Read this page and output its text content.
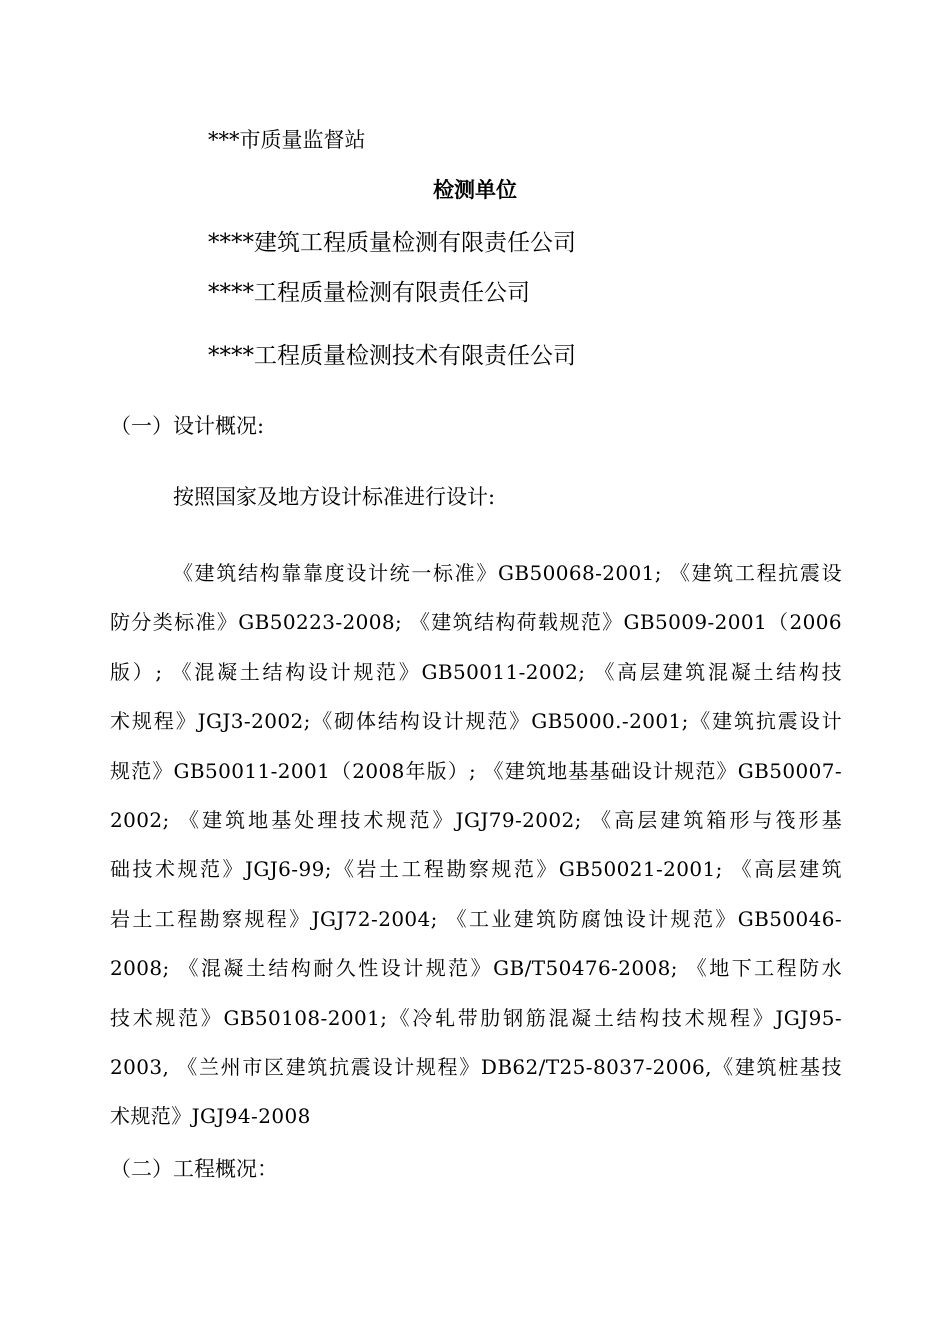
***市质量监督站

检测单位

****建筑工程质量检测有限责任公司

****工程质量检测有限责任公司

****工程质量检测技术有限责任公司

（一）设计概况:

按照国家及地方设计标准进行设计:

《建筑结构靠靠度设计统一标准》GB50068-2001; 《建筑工程抗震设
防分类标准》GB50223-2008; 《建筑结构荷载规范》GB5009-2001（2006
版）; 《混凝土结构设计规范》GB50011-2002; 《高层建筑混凝土结构技
术规程》JGJ3-2002;《砌体结构设计规范》GB5000.-2001;《建筑抗震设计
规范》GB50011-2001（2008年版）; 《建筑地基基础设计规范》GB50007-
2002; 《建筑地基处理技术规范》JGJ79-2002; 《高层建筑箱形与筏形基
础技术规范》JGJ6-99;《岩土工程勘察规范》GB50021-2001; 《高层建筑
岩土工程勘察规程》JGJ72-2004; 《工业建筑防腐蚀设计规范》GB50046-
2008; 《混凝土结构耐久性设计规范》GB/T50476-2008; 《地下工程防水
技术规范》GB50108-2001;《冷轧带肋钢筋混凝土结构技术规程》JGJ95-
2003, 《兰州市区建筑抗震设计规程》DB62/T25-8037-2006,《建筑桩基技
术规范》JGJ94-2008

（二）工程概况：
